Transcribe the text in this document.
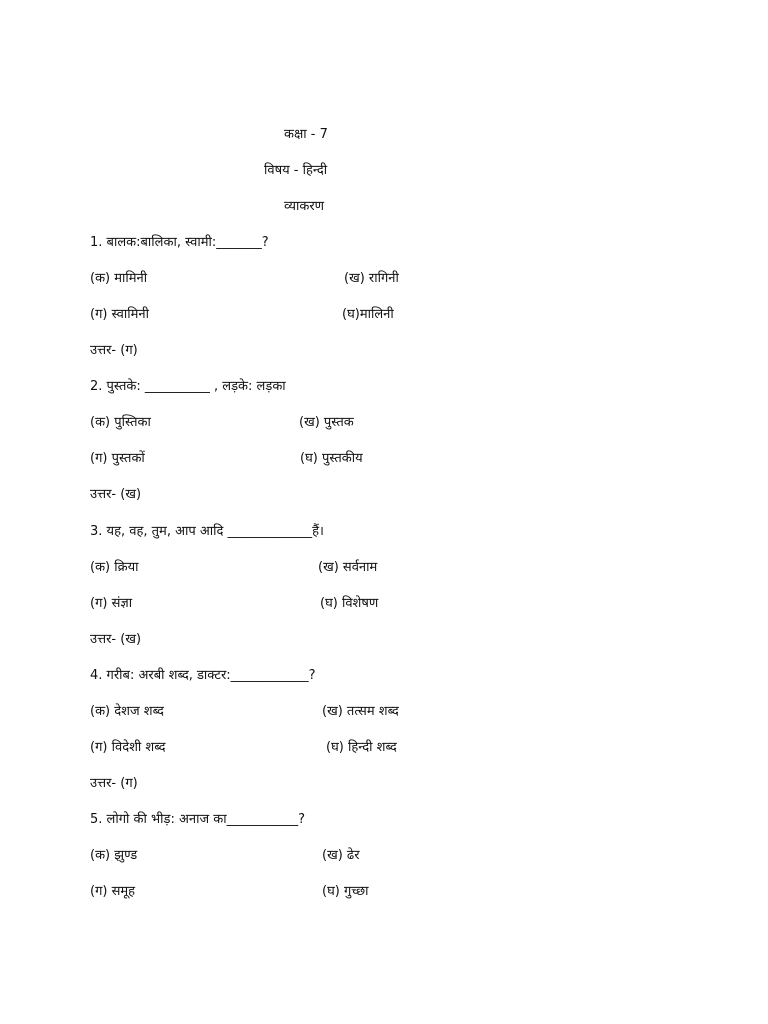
कक्षा - 7
विषय - हिन्दी
व्याकरण
1. बालक:बालिका, स्वामी:_______?
(क) मामिनी	(ख) रागिनी
(ग) स्वामिनी	(घ)मालिनी
उत्तर- (ग)
2. पुस्तके: __________ , लड़के: लड़का
(क) पुस्तिका	(ख) पुस्तक
(ग) पुस्तकों	(घ) पुस्तकीय
उत्तर- (ख)
3. यह, वह, तुम, आप आदि _____________हैं।
(क) क्रिया	(ख) सर्वनाम
(ग) संज्ञा	(घ) विशेषण
उत्तर- (ख)
4. गरीब: अरबी शब्द, डाक्टर:____________?
(क) देशज शब्द	(ख) तत्सम शब्द
(ग) विदेशी शब्द	(घ) हिन्दी शब्द
उत्तर- (ग)
5. लोगो की भीड़: अनाज का___________?
(क) झुण्ड	(ख) ढेर
(ग) समूह	(घ) गुच्छा
